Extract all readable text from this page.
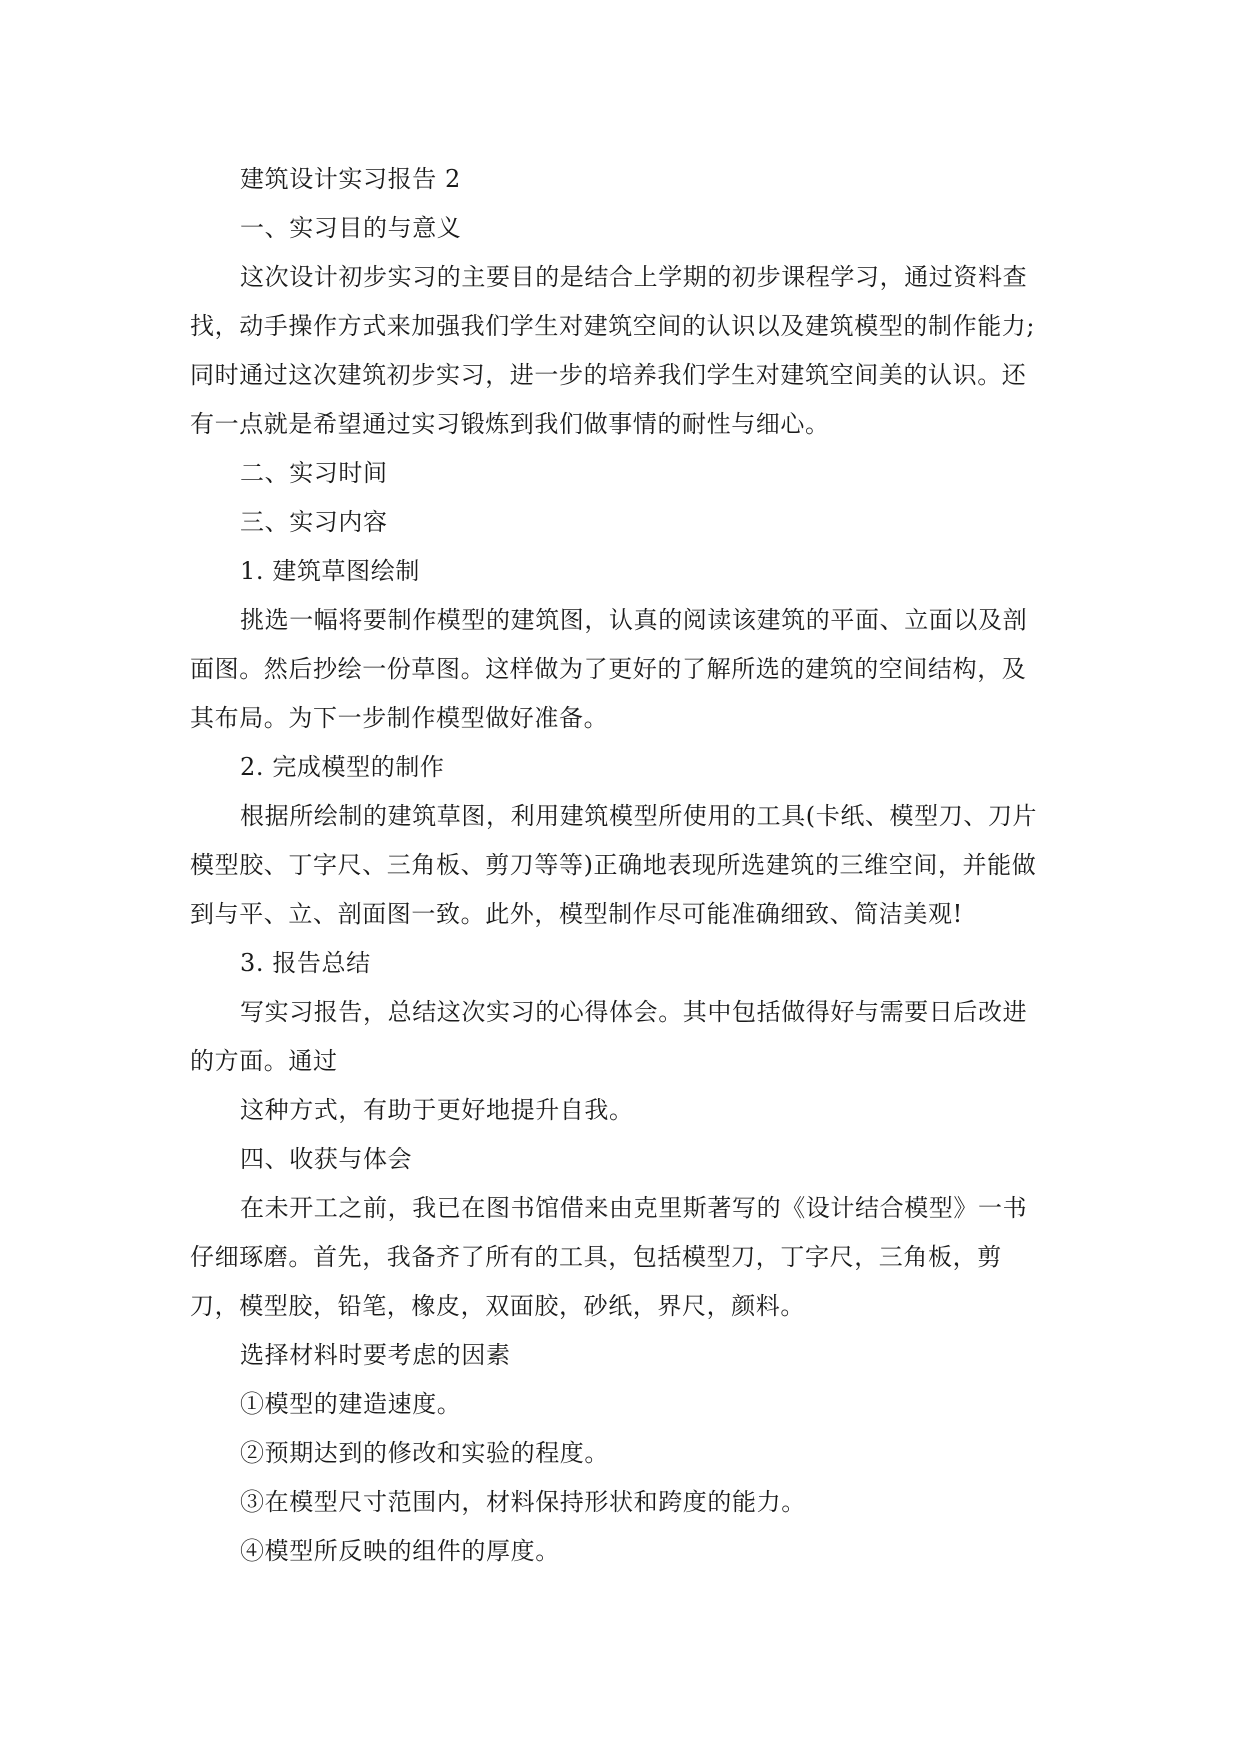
建筑设计实习报告 2
一、实习目的与意义
这次设计初步实习的主要目的是结合上学期的初步课程学习，通过资料查
找，动手操作方式来加强我们学生对建筑空间的认识以及建筑模型的制作能力;
同时通过这次建筑初步实习，进一步的培养我们学生对建筑空间美的认识。还
有一点就是希望通过实习锻炼到我们做事情的耐性与细心。
二、实习时间
三、实习内容
1. 建筑草图绘制
挑选一幅将要制作模型的建筑图，认真的阅读该建筑的平面、立面以及剖
面图。然后抄绘一份草图。这样做为了更好的了解所选的建筑的空间结构，及
其布局。为下一步制作模型做好准备。
2. 完成模型的制作
根据所绘制的建筑草图，利用建筑模型所使用的工具(卡纸、模型刀、刀片
模型胶、丁字尺、三角板、剪刀等等)正确地表现所选建筑的三维空间，并能做
到与平、立、剖面图一致。此外，模型制作尽可能准确细致、简洁美观!
3. 报告总结
写实习报告，总结这次实习的心得体会。其中包括做得好与需要日后改进
的方面。通过
这种方式，有助于更好地提升自我。
四、收获与体会
在未开工之前，我已在图书馆借来由克里斯著写的《设计结合模型》一书
仔细琢磨。首先，我备齐了所有的工具，包括模型刀，丁字尺，三角板，剪
刀，模型胶，铅笔，橡皮，双面胶，砂纸，界尺，颜料。
选择材料时要考虑的因素
①模型的建造速度。
②预期达到的修改和实验的程度。
③在模型尺寸范围内，材料保持形状和跨度的能力。
④模型所反映的组件的厚度。
